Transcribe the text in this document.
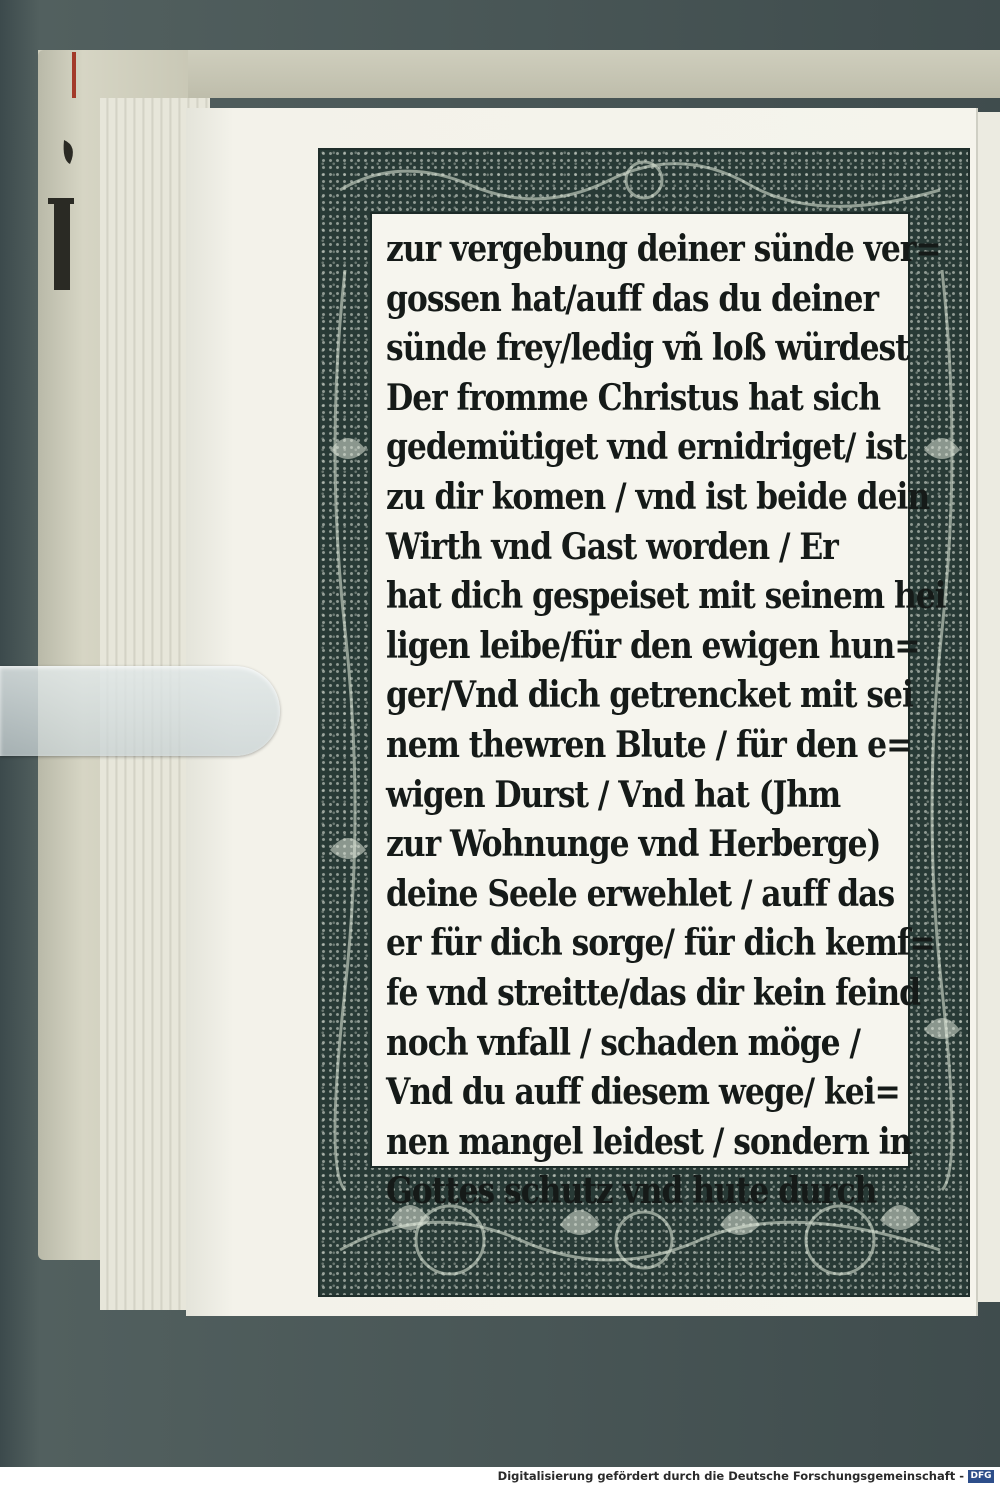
zur vergebung deiner sünde ver=
gossen hat/auff das du deiner
sünde frey/ledig vñ loß würdest
Der fromme Christus hat sich
gedemütiget vnd ernidriget/ ist
zu dir komen / vnd ist beide dein
Wirth vnd Gast worden / Er
hat dich gespeiset mit seinem hei
ligen leibe/für den ewigen hun=
ger/Vnd dich getrencket mit sei
nem thewren Blute / für den e=
wigen Durst / Vnd hat (Jhm
zur Wohnunge vnd Herberge)
deine Seele erwehlet / auff das
er für dich sorge/ für dich kemf=
fe vnd streitte/das dir kein feind
noch vnfall / schaden möge /
Vnd du auff diesem wege/ kei=
nen mangel leidest / sondern in
Gottes schutz vnd hute durch
Digitalisierung gefördert durch die Deutsche Forschungsgemeinschaft - DFG
